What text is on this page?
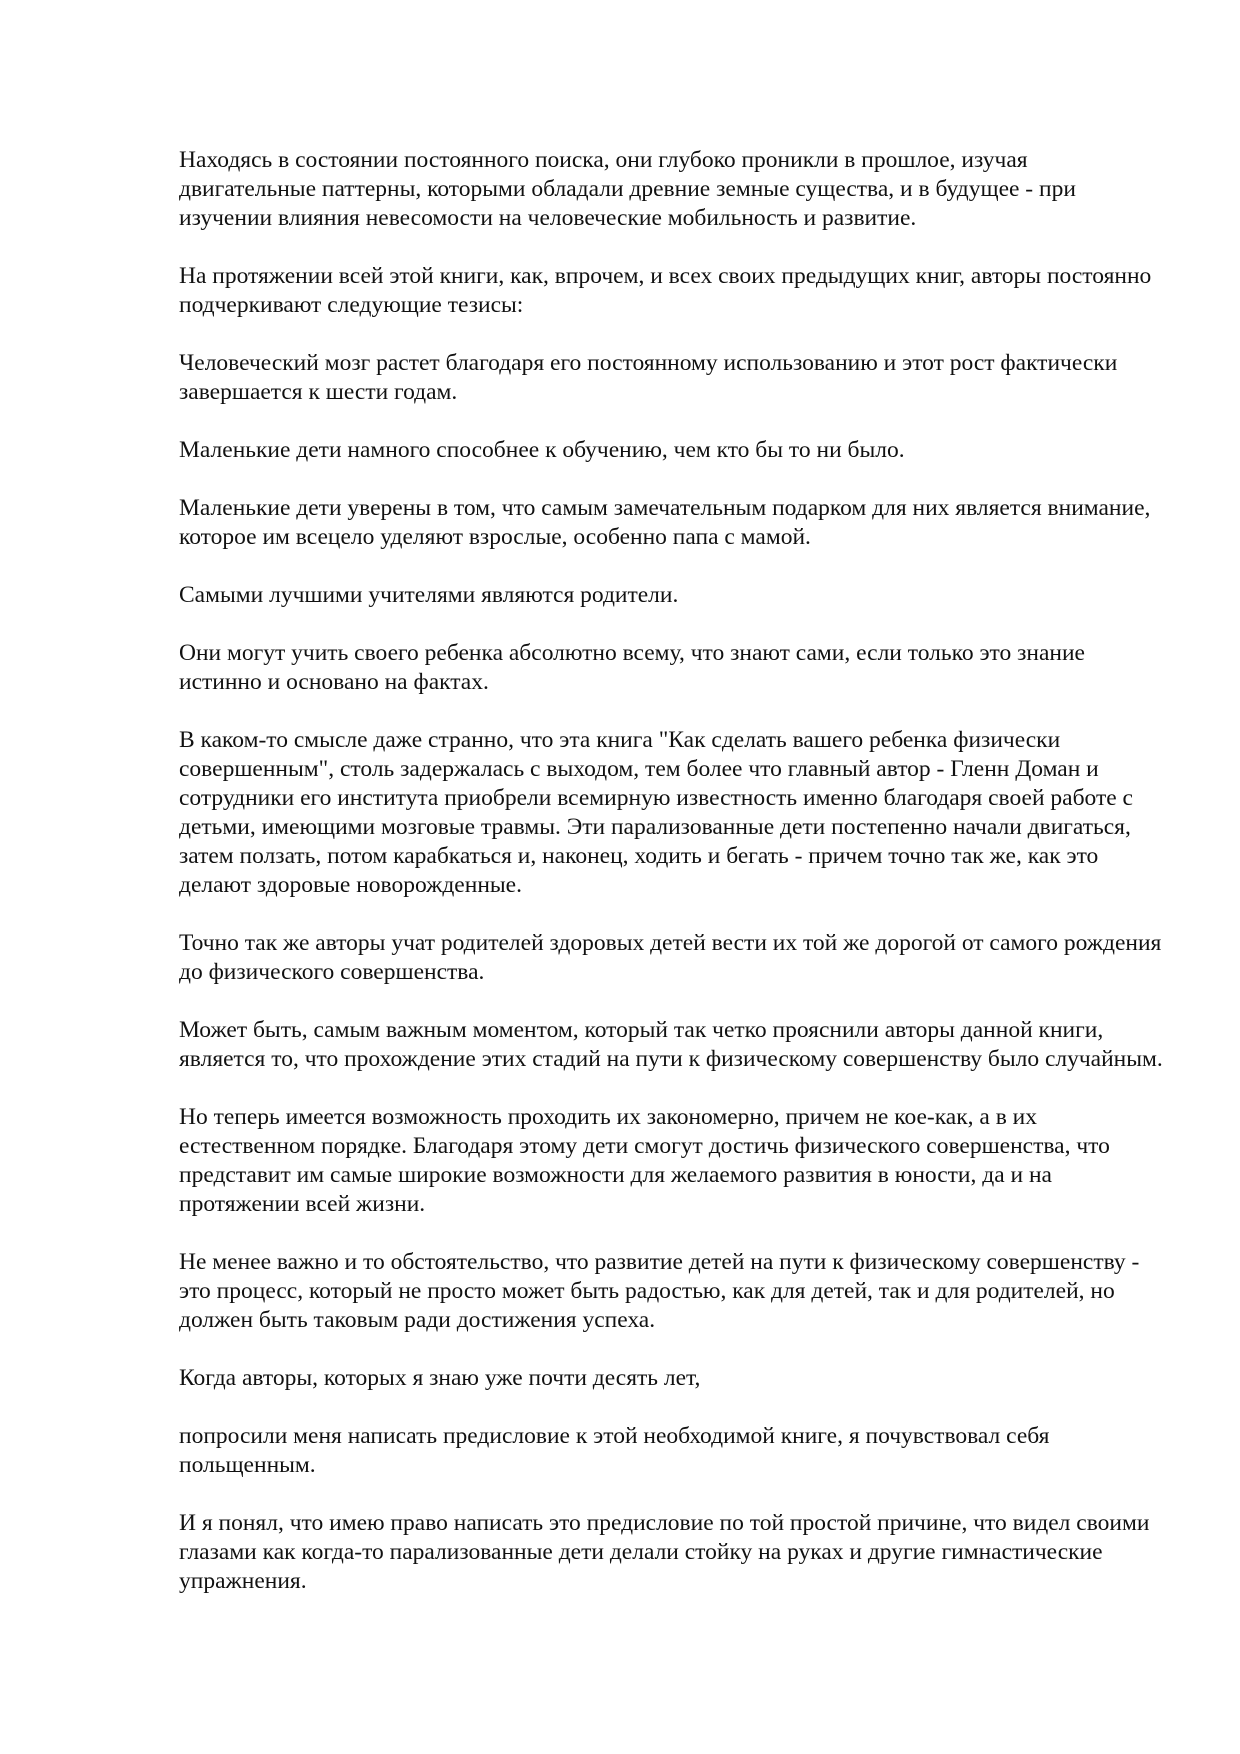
Находясь в состоянии постоянного поиска, они глубоко проникли в прошлое, изучая двигательные паттерны, которыми обладали древние земные существа, и в будущее - при изучении влияния невесомости на человеческие мобильность и развитие.

На протяжении всей этой книги, как, впрочем, и всех своих предыдущих книг, авторы постоянно подчеркивают следующие тезисы:

Человеческий мозг растет благодаря его постоянному использованию и этот рост фактически завершается к шести годам.

Маленькие дети намного способнее к обучению, чем кто бы то ни было.

Маленькие дети уверены в том, что самым замечательным подарком для них является внимание, которое им всецело уделяют взрослые, особенно папа с мамой.

Самыми лучшими учителями являются родители.

Они могут учить своего ребенка абсолютно всему, что знают сами, если только это знание истинно и основано на фактах.

В каком-то смысле даже странно, что эта книга "Как сделать вашего ребенка физически совершенным", столь задержалась с выходом, тем более что главный автор - Гленн Доман и сотрудники его института приобрели всемирную известность именно благодаря своей работе с детьми, имеющими мозговые травмы. Эти парализованные дети постепенно начали двигаться, затем ползать, потом карабкаться и, наконец, ходить и бегать - причем точно так же, как это делают здоровые новорожденные.

Точно так же авторы учат родителей здоровых детей вести их той же дорогой от самого рождения до физического совершенства.

Может быть, самым важным моментом, который так четко прояснили авторы данной книги, является то, что прохождение этих стадий на пути к физическому совершенству было случайным.

Но теперь имеется возможность проходить их закономерно, причем не кое-как, а в их естественном порядке. Благодаря этому дети смогут достичь физического совершенства, что представит им самые широкие возможности для желаемого развития в юности, да и на протяжении всей жизни.

Не менее важно и то обстоятельство, что развитие детей на пути к физическому совершенству - это процесс, который не просто может быть радостью, как для детей, так и для родителей, но должен быть таковым ради достижения успеха.

Когда авторы, которых я знаю уже почти десять лет,

попросили меня написать предисловие к этой необходимой книге, я почувствовал себя польщенным.

И я понял, что имею право написать это предисловие по той простой причине, что видел своими глазами как когда-то парализованные дети делали стойку на руках и другие гимнастические упражнения.
